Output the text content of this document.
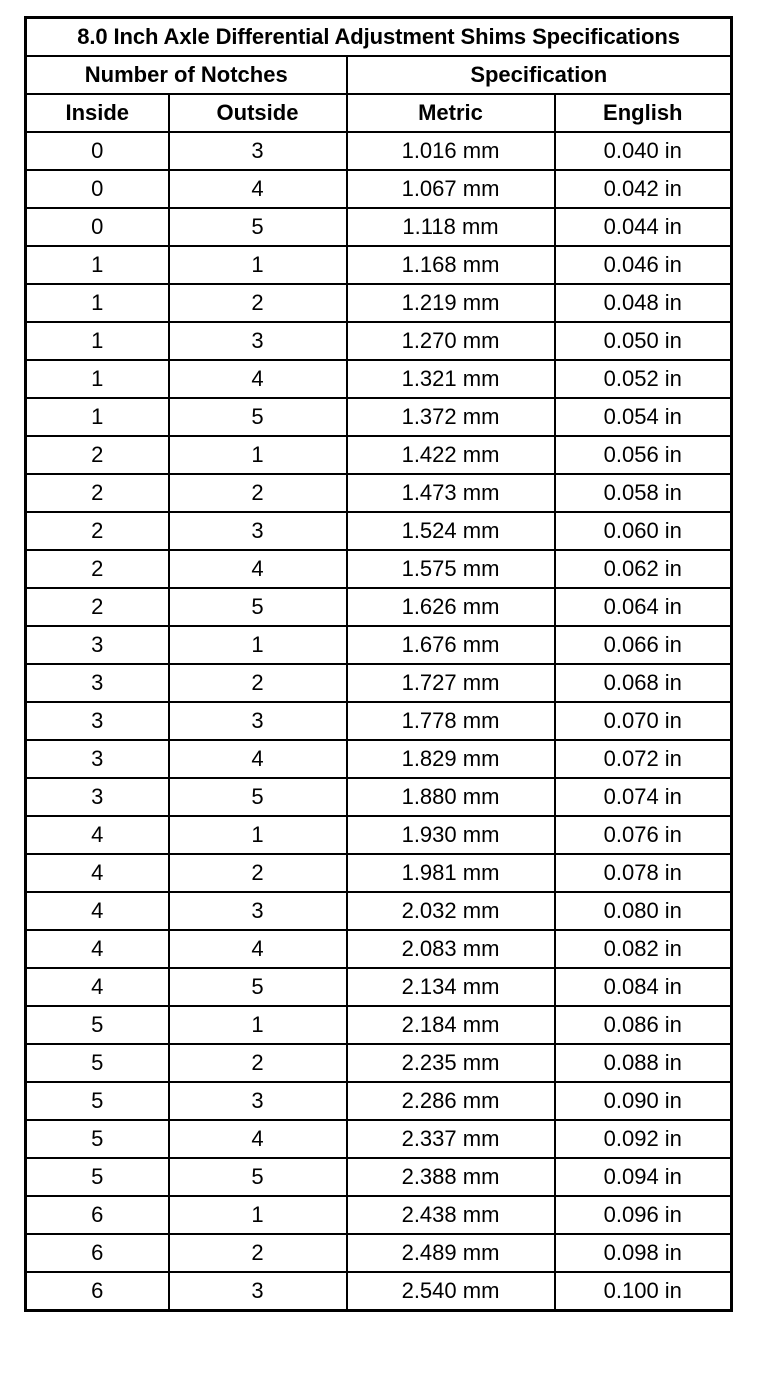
8.0 Inch Axle Differential Adjustment Shims Specifications			
Number of Notches		Specification	
Inside	Outside	Metric	English
0	3	1.016 mm	0.040 in
0	4	1.067 mm	0.042 in
0	5	1.118 mm	0.044 in
1	1	1.168 mm	0.046 in
1	2	1.219 mm	0.048 in
1	3	1.270 mm	0.050 in
1	4	1.321 mm	0.052 in
1	5	1.372 mm	0.054 in
2	1	1.422 mm	0.056 in
2	2	1.473 mm	0.058 in
2	3	1.524 mm	0.060 in
2	4	1.575 mm	0.062 in
2	5	1.626 mm	0.064 in
3	1	1.676 mm	0.066 in
3	2	1.727 mm	0.068 in
3	3	1.778 mm	0.070 in
3	4	1.829 mm	0.072 in
3	5	1.880 mm	0.074 in
4	1	1.930 mm	0.076 in
4	2	1.981 mm	0.078 in
4	3	2.032 mm	0.080 in
4	4	2.083 mm	0.082 in
4	5	2.134 mm	0.084 in
5	1	2.184 mm	0.086 in
5	2	2.235 mm	0.088 in
5	3	2.286 mm	0.090 in
5	4	2.337 mm	0.092 in
5	5	2.388 mm	0.094 in
6	1	2.438 mm	0.096 in
6	2	2.489 mm	0.098 in
6	3	2.540 mm	0.100 in
